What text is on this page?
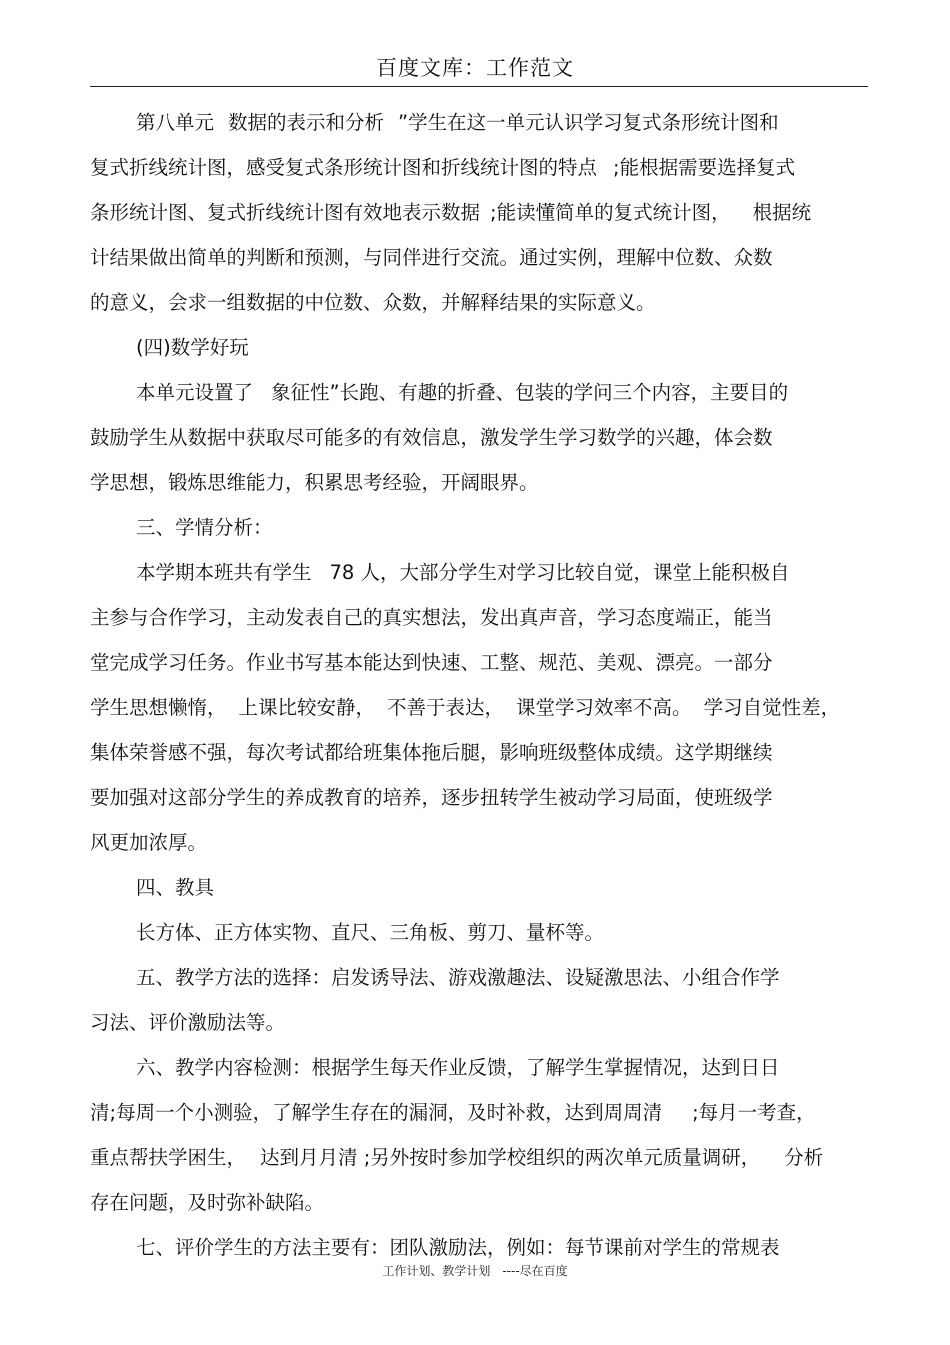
百度文库：工作范文
第八单元 数据的表示和分析 ”学生在这一单元认识学习复式条形统计图和
复式折线统计图，感受复式条形统计图和折线统计图的特点 ;能根据需要选择复式
条形统计图、复式折线统计图有效地表示数据 ;能读懂简单的复式统计图， 根据统
计结果做出简单的判断和预测，与同伴进行交流。通过实例，理解中位数、众数
的意义，会求一组数据的中位数、众数，并解释结果的实际意义。
(四)数学好玩
本单元设置了 象征性”长跑、有趣的折叠、包装的学问三个内容，主要目的
鼓励学生从数据中获取尽可能多的有效信息，激发学生学习数学的兴趣，体会数
学思想，锻炼思维能力，积累思考经验，开阔眼界。
三、学情分析：
本学期本班共有学生 78 人，大部分学生对学习比较自觉，课堂上能积极自
主参与合作学习，主动发表自己的真实想法，发出真声音，学习态度端正，能当
堂完成学习任务。作业书写基本能达到快速、工整、规范、美观、漂亮。一部分
学生思想懒惰， 上课比较安静， 不善于表达， 课堂学习效率不高。 学习自觉性差，
集体荣誉感不强，每次考试都给班集体拖后腿，影响班级整体成绩。这学期继续
要加强对这部分学生的养成教育的培养，逐步扭转学生被动学习局面，使班级学
风更加浓厚。
四、教具
长方体、正方体实物、直尺、三角板、剪刀、量杯等。
五、教学方法的选择：启发诱导法、游戏激趣法、设疑激思法、小组合作学
习法、评价激励法等。
六、教学内容检测：根据学生每天作业反馈，了解学生掌握情况，达到日日
清;每周一个小测验，了解学生存在的漏洞，及时补救，达到周周清 ;每月一考查，
重点帮扶学困生， 达到月月清 ;另外按时参加学校组织的两次单元质量调研， 分析
存在问题，及时弥补缺陷。
七、评价学生的方法主要有：团队激励法，例如：每节课前对学生的常规表
工作计划、教学计划　----尽在百度
